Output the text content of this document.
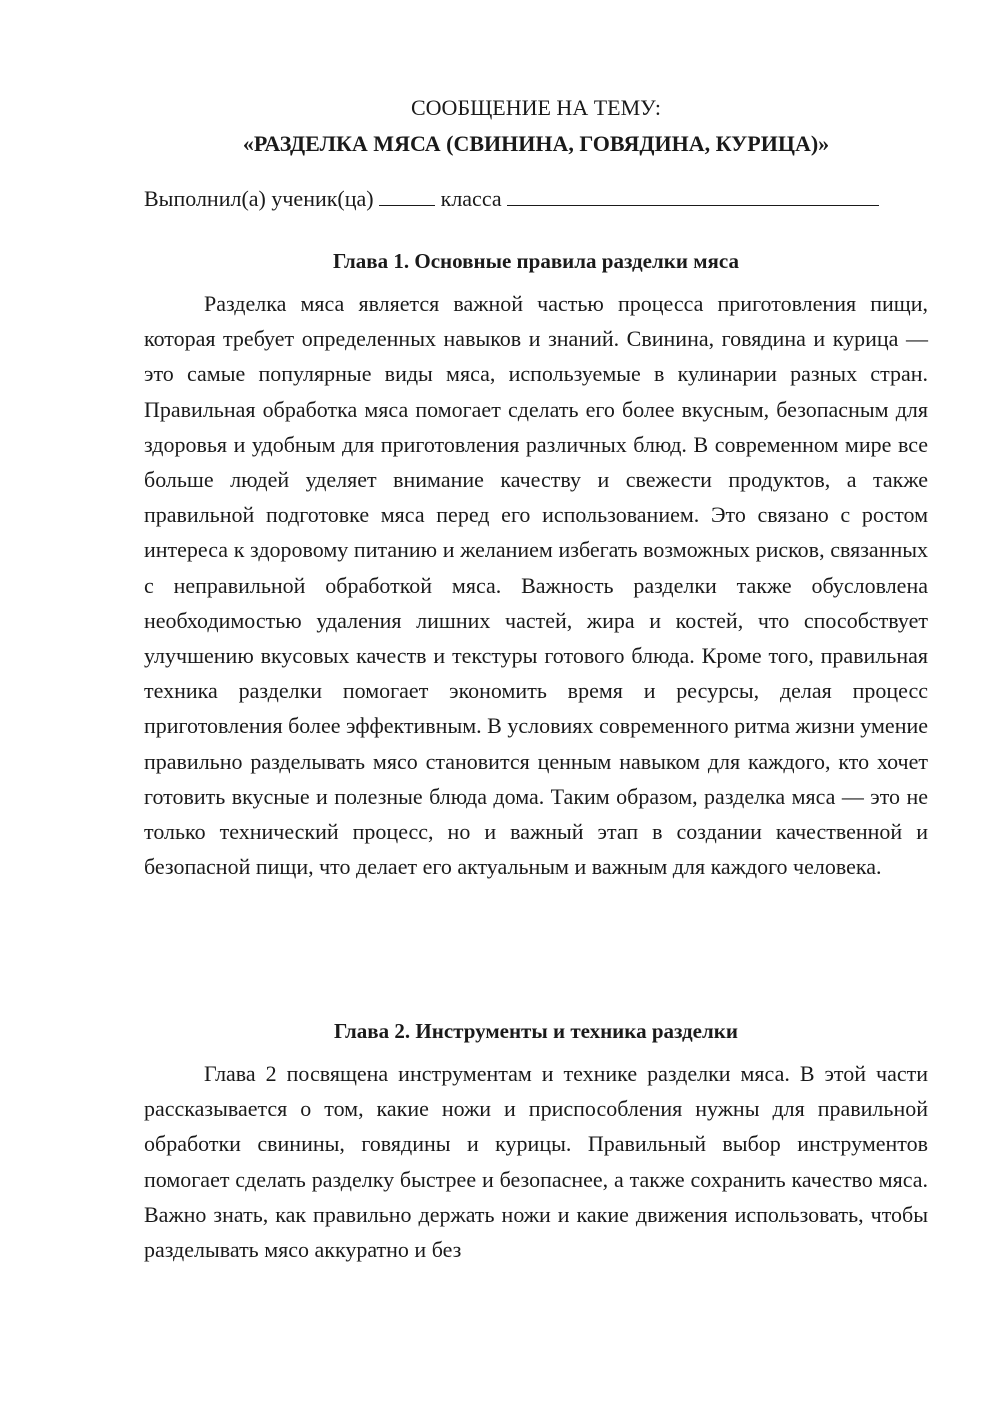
СООБЩЕНИЕ НА ТЕМУ:
«РАЗДЕЛКА МЯСА (СВИНИНА, ГОВЯДИНА, КУРИЦА)»
Выполнил(а) ученик(ца)	класса
Глава 1. Основные правила разделки мяса

Разделка мяса является важной частью процесса приготовления пищи, которая требует определенных навыков и знаний. Свинина, говядина и курица — это самые популярные виды мяса, используемые в кулинарии разных стран. Правильная обработка мяса помогает сделать его более вкусным, безопасным для здоровья и удобным для приготовления различных блюд. В современном мире все больше людей уделяет внимание качеству и свежести продуктов, а также правильной подготовке мяса перед его использованием. Это связано с ростом интереса к здоровому питанию и желанием избегать возможных рисков, связанных с неправильной обработкой мяса. Важность разделки также обусловлена необходимостью удаления лишних частей, жира и костей, что способствует улучшению вкусовых качеств и текстуры готового блюда. Кроме того, правильная техника разделки помогает экономить время и ресурсы, делая процесс приготовления более эффективным. В условиях современного ритма жизни умение правильно разделывать мясо становится ценным навыком для каждого, кто хочет готовить вкусные и полезные блюда дома. Таким образом, разделка мяса — это не только технический процесс, но и важный этап в создании качественной и безопасной пищи, что делает его актуальным и важным для каждого человека.

Глава 2. Инструменты и техника разделки

Глава 2 посвящена инструментам и технике разделки мяса. В этой части рассказывается о том, какие ножи и приспособления нужны для правильной обработки свинины, говядины и курицы. Правильный выбор инструментов помогает сделать разделку быстрее и безопаснее, а также сохранить качество мяса. Важно знать, как правильно держать ножи и какие движения использовать, чтобы разделывать мясо аккуратно и без
